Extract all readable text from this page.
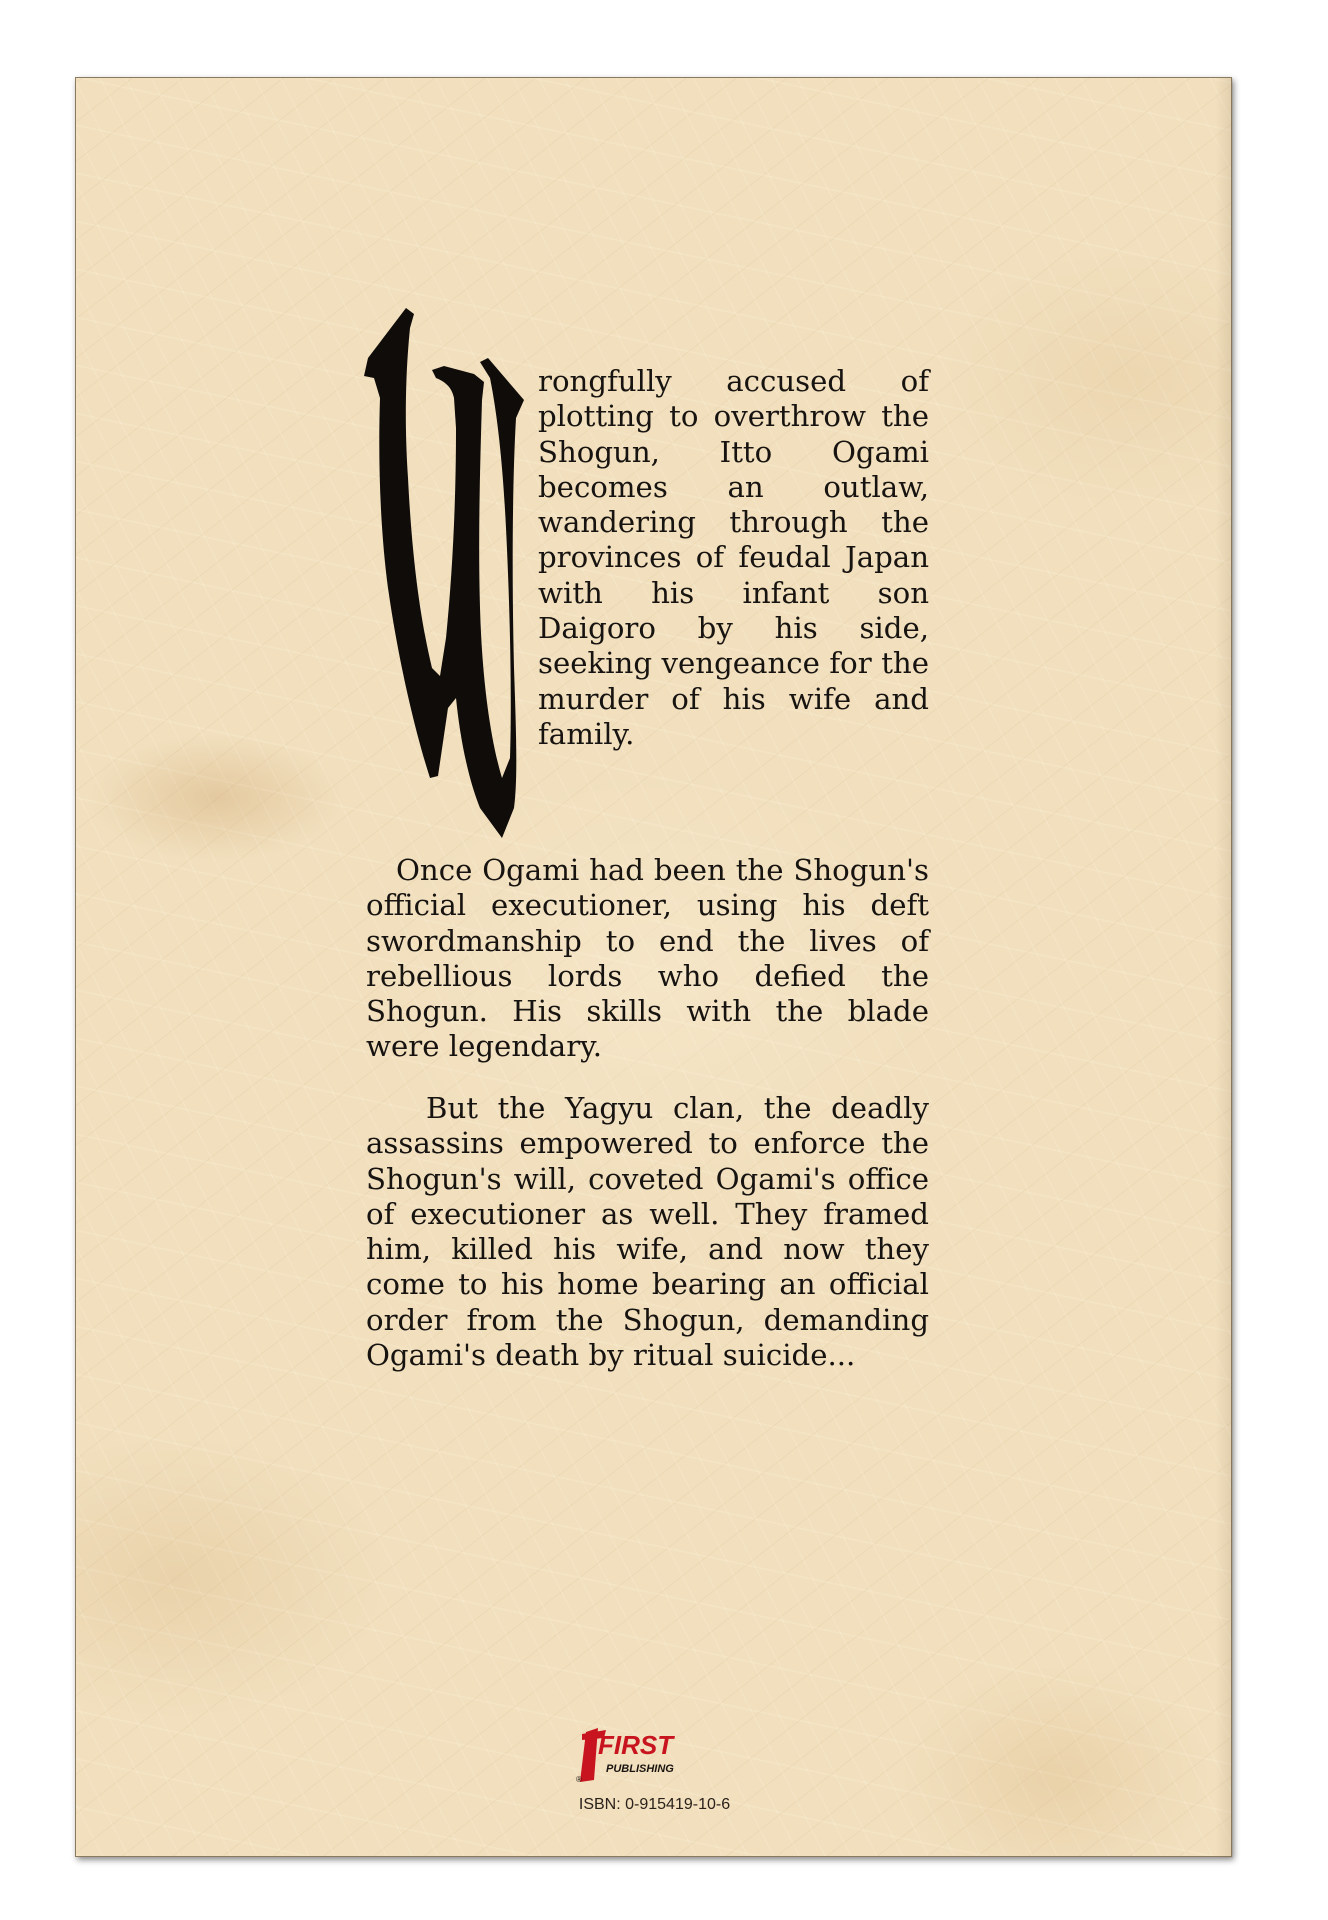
rongfully accused of plotting to overthrow the Shogun, Itto Ogami becomes an outlaw, wandering through the provinces of feudal Japan with his infant son Daigoro by his side, seeking vengeance for the murder of his wife and family.

Once Ogami had been the Shogun's official executioner, using his deft swordmanship to end the lives of rebellious lords who defied the Shogun. His skills with the blade were legendary.

But the Yagyu clan, the deadly assassins empowered to enforce the Shogun's will, coveted Ogami's office of executioner as well. They framed him, killed his wife, and now they come to his home bearing an official order from the Shogun, demanding Ogami's death by ritual suicide...

FIRST
PUBLISHING
®
ISBN: 0-915419-10-6
